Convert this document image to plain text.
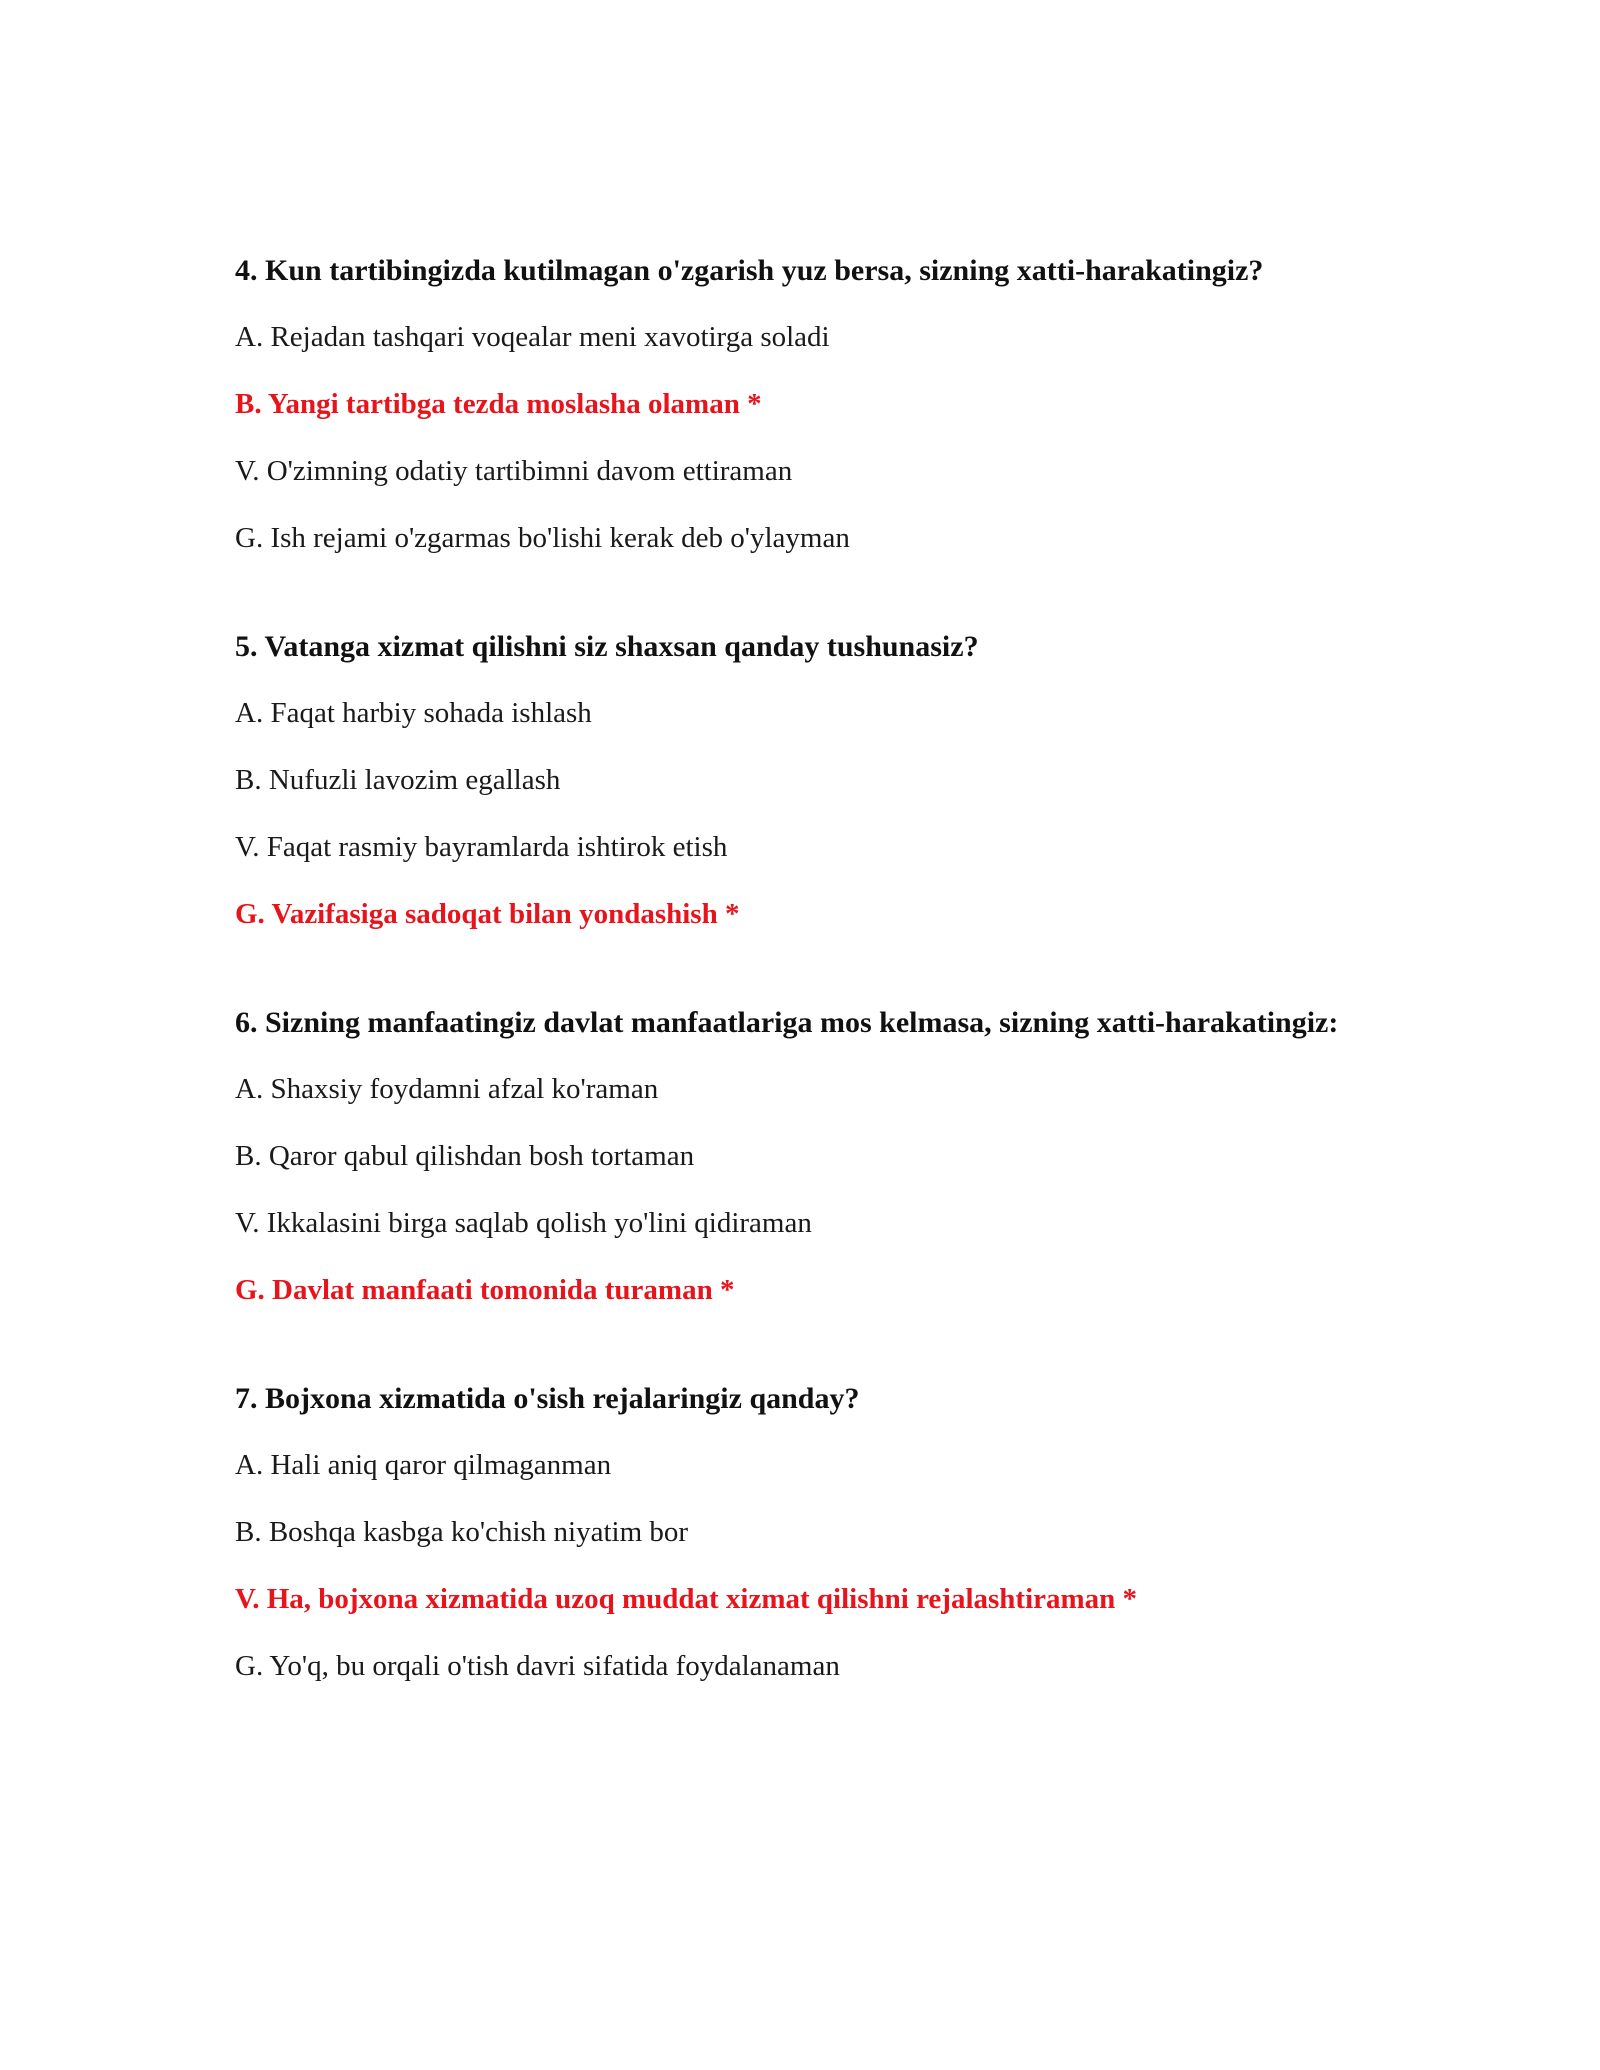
4. Kun tartibingizda kutilmagan o'zgarish yuz bersa, sizning xatti-harakatingiz?

A. Rejadan tashqari voqealar meni xavotirga soladi

B. Yangi tartibga tezda moslasha olaman *

V. O'zimning odatiy tartibimni davom ettiraman

G. Ish rejami o'zgarmas bo'lishi kerak deb o'ylayman

5. Vatanga xizmat qilishni siz shaxsan qanday tushunasiz?

A. Faqat harbiy sohada ishlash

B. Nufuzli lavozim egallash

V. Faqat rasmiy bayramlarda ishtirok etish

G. Vazifasiga sadoqat bilan yondashish *

6. Sizning manfaatingiz davlat manfaatlariga mos kelmasa, sizning xatti-harakatingiz:

A. Shaxsiy foydamni afzal ko'raman

B. Qaror qabul qilishdan bosh tortaman

V. Ikkalasini birga saqlab qolish yo'lini qidiraman

G. Davlat manfaati tomonida turaman *

7. Bojxona xizmatida o'sish rejalaringiz qanday?

A. Hali aniq qaror qilmaganman

B. Boshqa kasbga ko'chish niyatim bor

V. Ha, bojxona xizmatida uzoq muddat xizmat qilishni rejalashtiraman *

G. Yo'q, bu orqali o'tish davri sifatida foydalanaman
